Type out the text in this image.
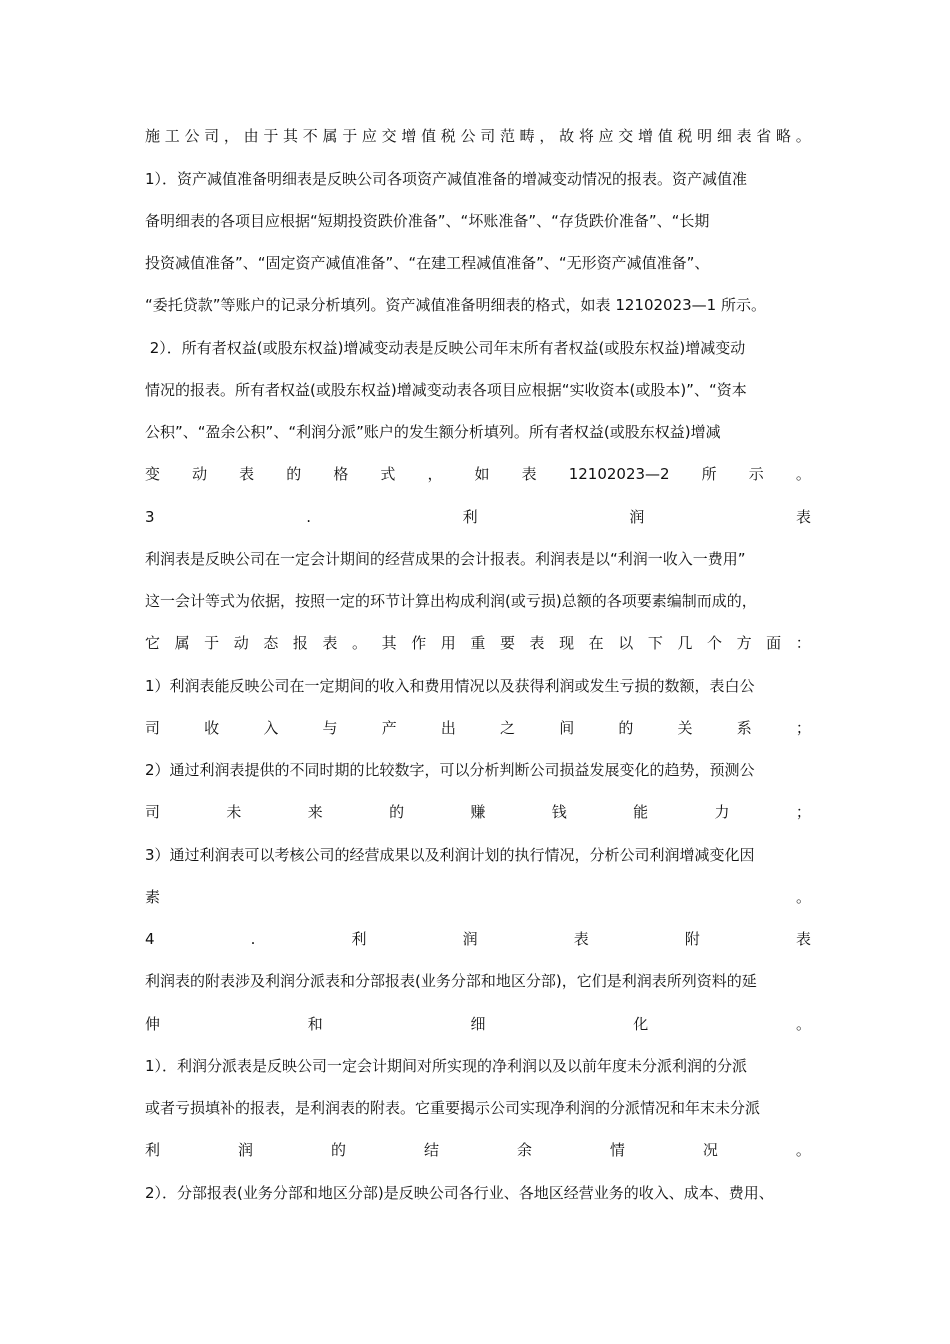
施 工 公 司 ， 由 于 其 不 属 于 应 交 增 值 税 公 司 范 畴 ， 故 将 应 交 增 值 税 明 细 表 省 略 。
1）．资产减值准备明细表是反映公司各项资产减值准备的增减变动情况的报表。资产减值准
备明细表的各项目应根据“短期投资跌价准备”、“坏账准备”、“存货跌价准备”、“长期
投资减值准备”、“固定资产减值准备”、“在建工程减值准备”、“无形资产减值准备”、
“委托贷款”等账户的记录分析填列。资产减值准备明细表的格式，如表 12102023—1 所示。
2）．所有者权益(或股东权益)增减变动表是反映公司年末所有者权益(或股东权益)增减变动
情况的报表。所有者权益(或股东权益)增减变动表各项目应根据“实收资本(或股本)”、“资本
公积”、“盈余公积”、“利润分派”账户的发生额分析填列。所有者权益(或股东权益)增减
变 动 表 的 格 式 ， 如 表 12102023—2 所 示 。
3	.	利	润	表
利润表是反映公司在一定会计期间的经营成果的会计报表。利润表是以“利润一收入一费用”
这一会计等式为依据，按照一定的环节计算出构成利润(或亏损)总额的各项要素编制而成的，
它 属 于 动 态 报 表 。 其 作 用 重 要 表 现 在 以 下 几 个 方 面 ：
1）利润表能反映公司在一定期间的收入和费用情况以及获得利润或发生亏损的数额，表白公
司	收	入	与	产	出	之	间	的	关	系	；
2）通过利润表提供的不同时期的比较数字，可以分析判断公司损益发展变化的趋势，预测公
司	未	来	的	赚	钱	能	力	；
3）通过利润表可以考核公司的经营成果以及利润计划的执行情况，分析公司利润增减变化因
素	。
4	.	利	润	表	附	表
利润表的附表涉及利润分派表和分部报表(业务分部和地区分部)，它们是利润表所列资料的延
伸	和	细	化	。
1）．利润分派表是反映公司一定会计期间对所实现的净利润以及以前年度未分派利润的分派
或者亏损填补的报表，是利润表的附表。它重要揭示公司实现净利润的分派情况和年末未分派
利	润	的	结	余	情	况	。
2）．分部报表(业务分部和地区分部)是反映公司各行业、各地区经营业务的收入、成本、费用、
